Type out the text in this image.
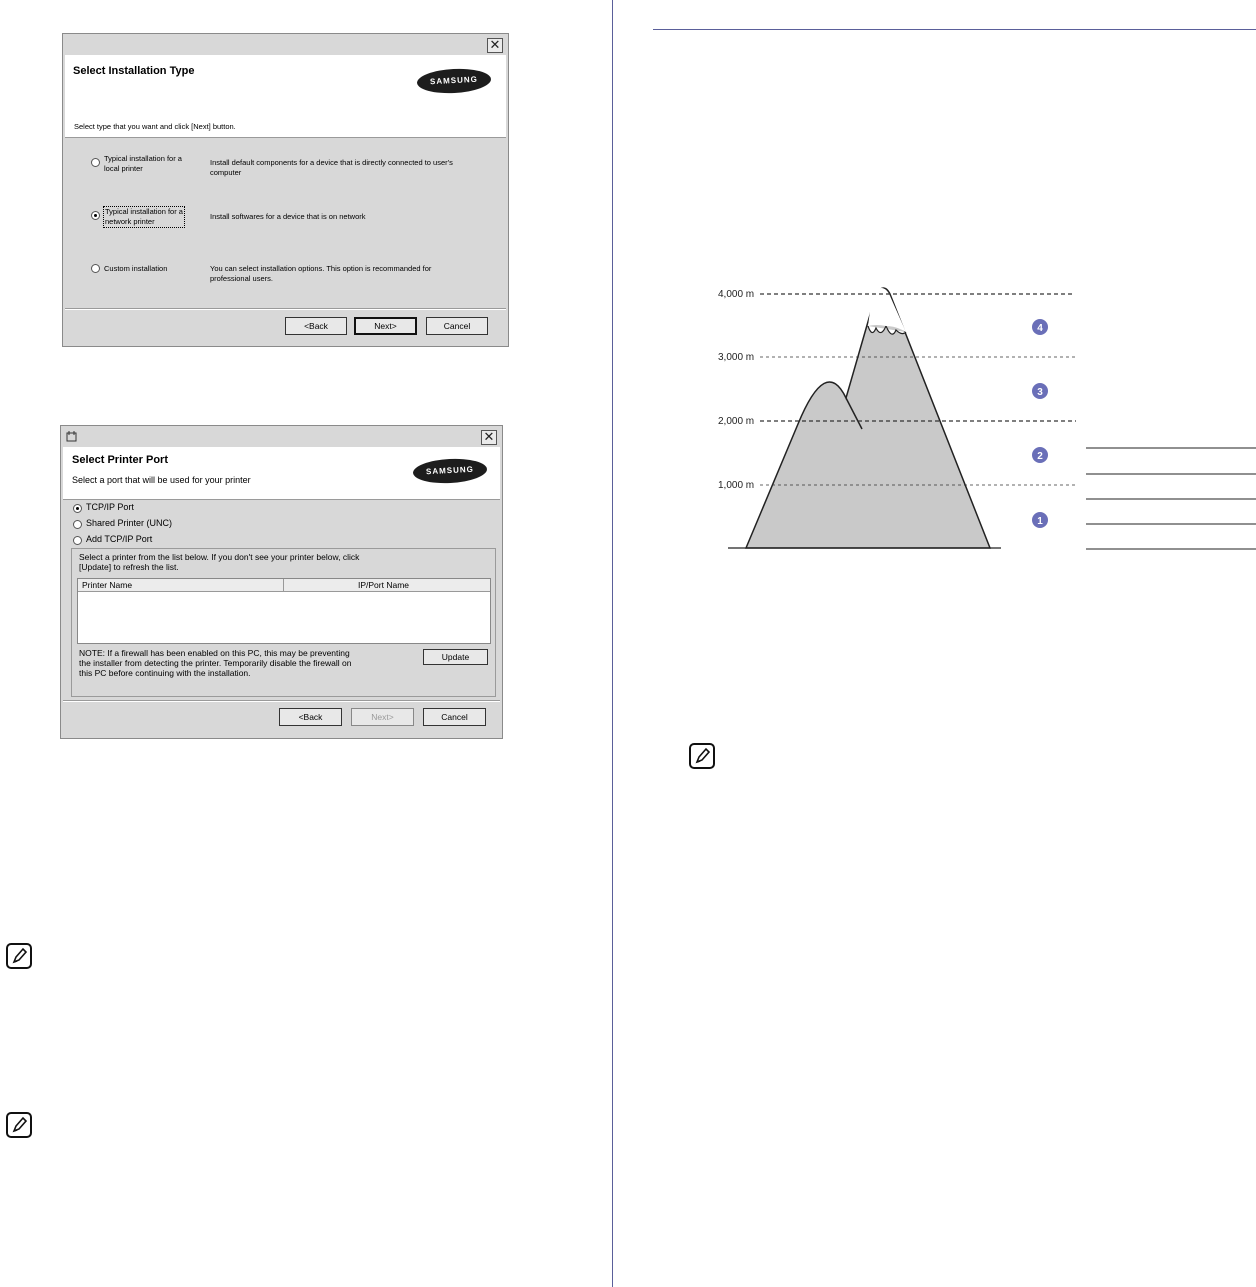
✕
Select Installation Type
SAMSUNG
Select type that you want and click [Next] button.
Typical installation for a
local printer
Install default components for a device that is directly connected to user's
computer
Typical installation for a
network printer
Install softwares for a device that is on network
Custom installation	You can select installation options. This option is recommanded for
professional users.
<Back	Next>	Cancel
✕
Select Printer Port
Select a port that will be used for your printer
SAMSUNG
TCP/IP Port
Shared Printer (UNC)
Add TCP/IP Port
Select a printer from the list below. If you don't see your printer below, click
[Update] to refresh the list.
Printer Name	IP/Port Name
NOTE: If a firewall has been enabled on this PC, this may be preventing
the installer from detecting the printer. Temporarily disable the firewall on
this PC before continuing with the installation.
Update
<Back	Next>	Cancel
4,000 m
3,000 m
2,000 m
1,000 m
4
3
2
1
